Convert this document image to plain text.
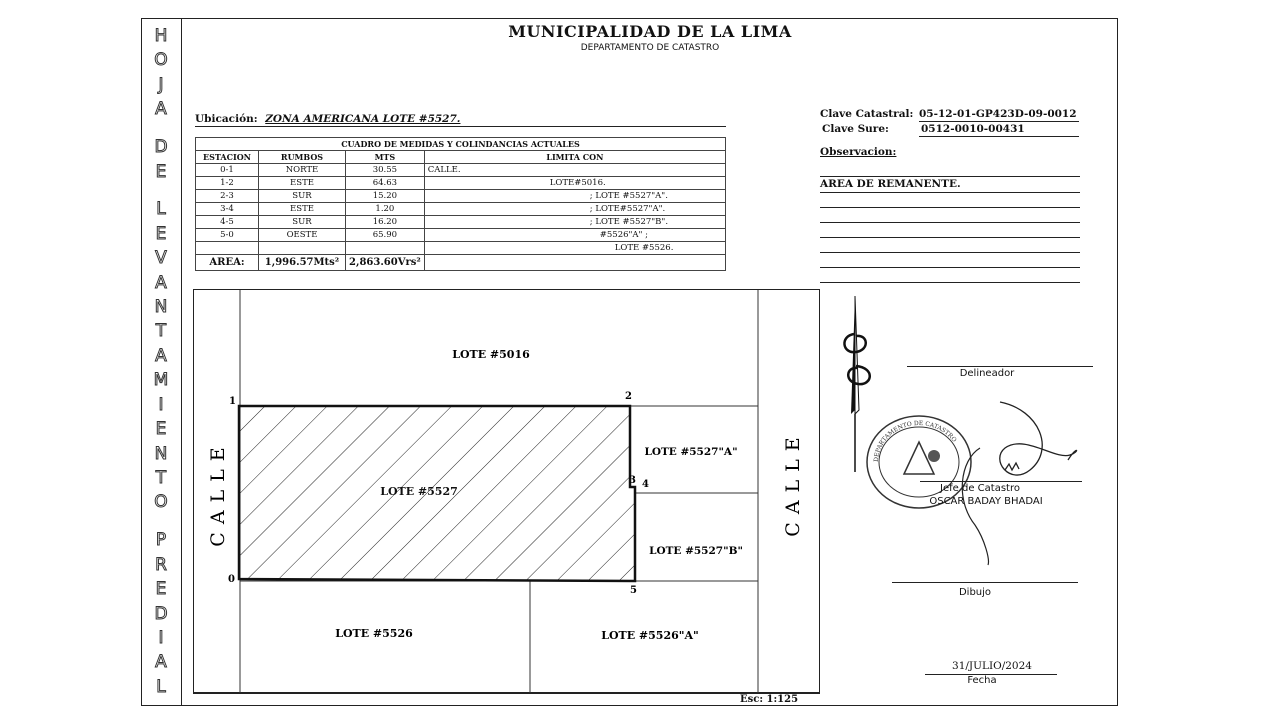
H
O
J
A
D
E
L
E
V
A
N
T
A
M
I
E
N
T
O
P
R
E
D
I
A
L
MUNICIPALIDAD DE LA LIMA
DEPARTAMENTO DE CATASTRO
Ubicación: ZONA AMERICANA LOTE #5527.	Clave Catastral: 05-12-01-GP423D-09-0012
Clave Sure:	0512-0010-00431
Observacion:
AREA DE REMANENTE.
CUADRO DE MEDIDAS Y COLINDANCIAS ACTUALES			
ESTACION	RUMBOS	MTS	LIMITA CON
0-1	NORTE	30.55	CALLE.
1-2	ESTE	64.63	LOTE#5016.
2-3	SUR	15.20	; LOTE #5527"A".
3-4	ESTE	1.20	; LOTE#5527"A".
4-5	SUR	16.20	; LOTE #5527"B".
5-0	OESTE	65.90	#5526"A" ;
			LOTE #5526.
AREA:	1,996.57Mts²	2,863.60Vrs²	
LOTE #5016
LOTE #5527
LOTE #5527"A"
LOTE #5527"B"
LOTE #5526	LOTE #5526"A"
CALLE	CALLE
0
1	2
3 4
5
Esc: 1:125
DEPARTAMENTO DE CATASTRO
Delineador
Jefe de Catastro
OSCAR BADAY BHADAI
Dibujo
31/JULIO/2024
Fecha
